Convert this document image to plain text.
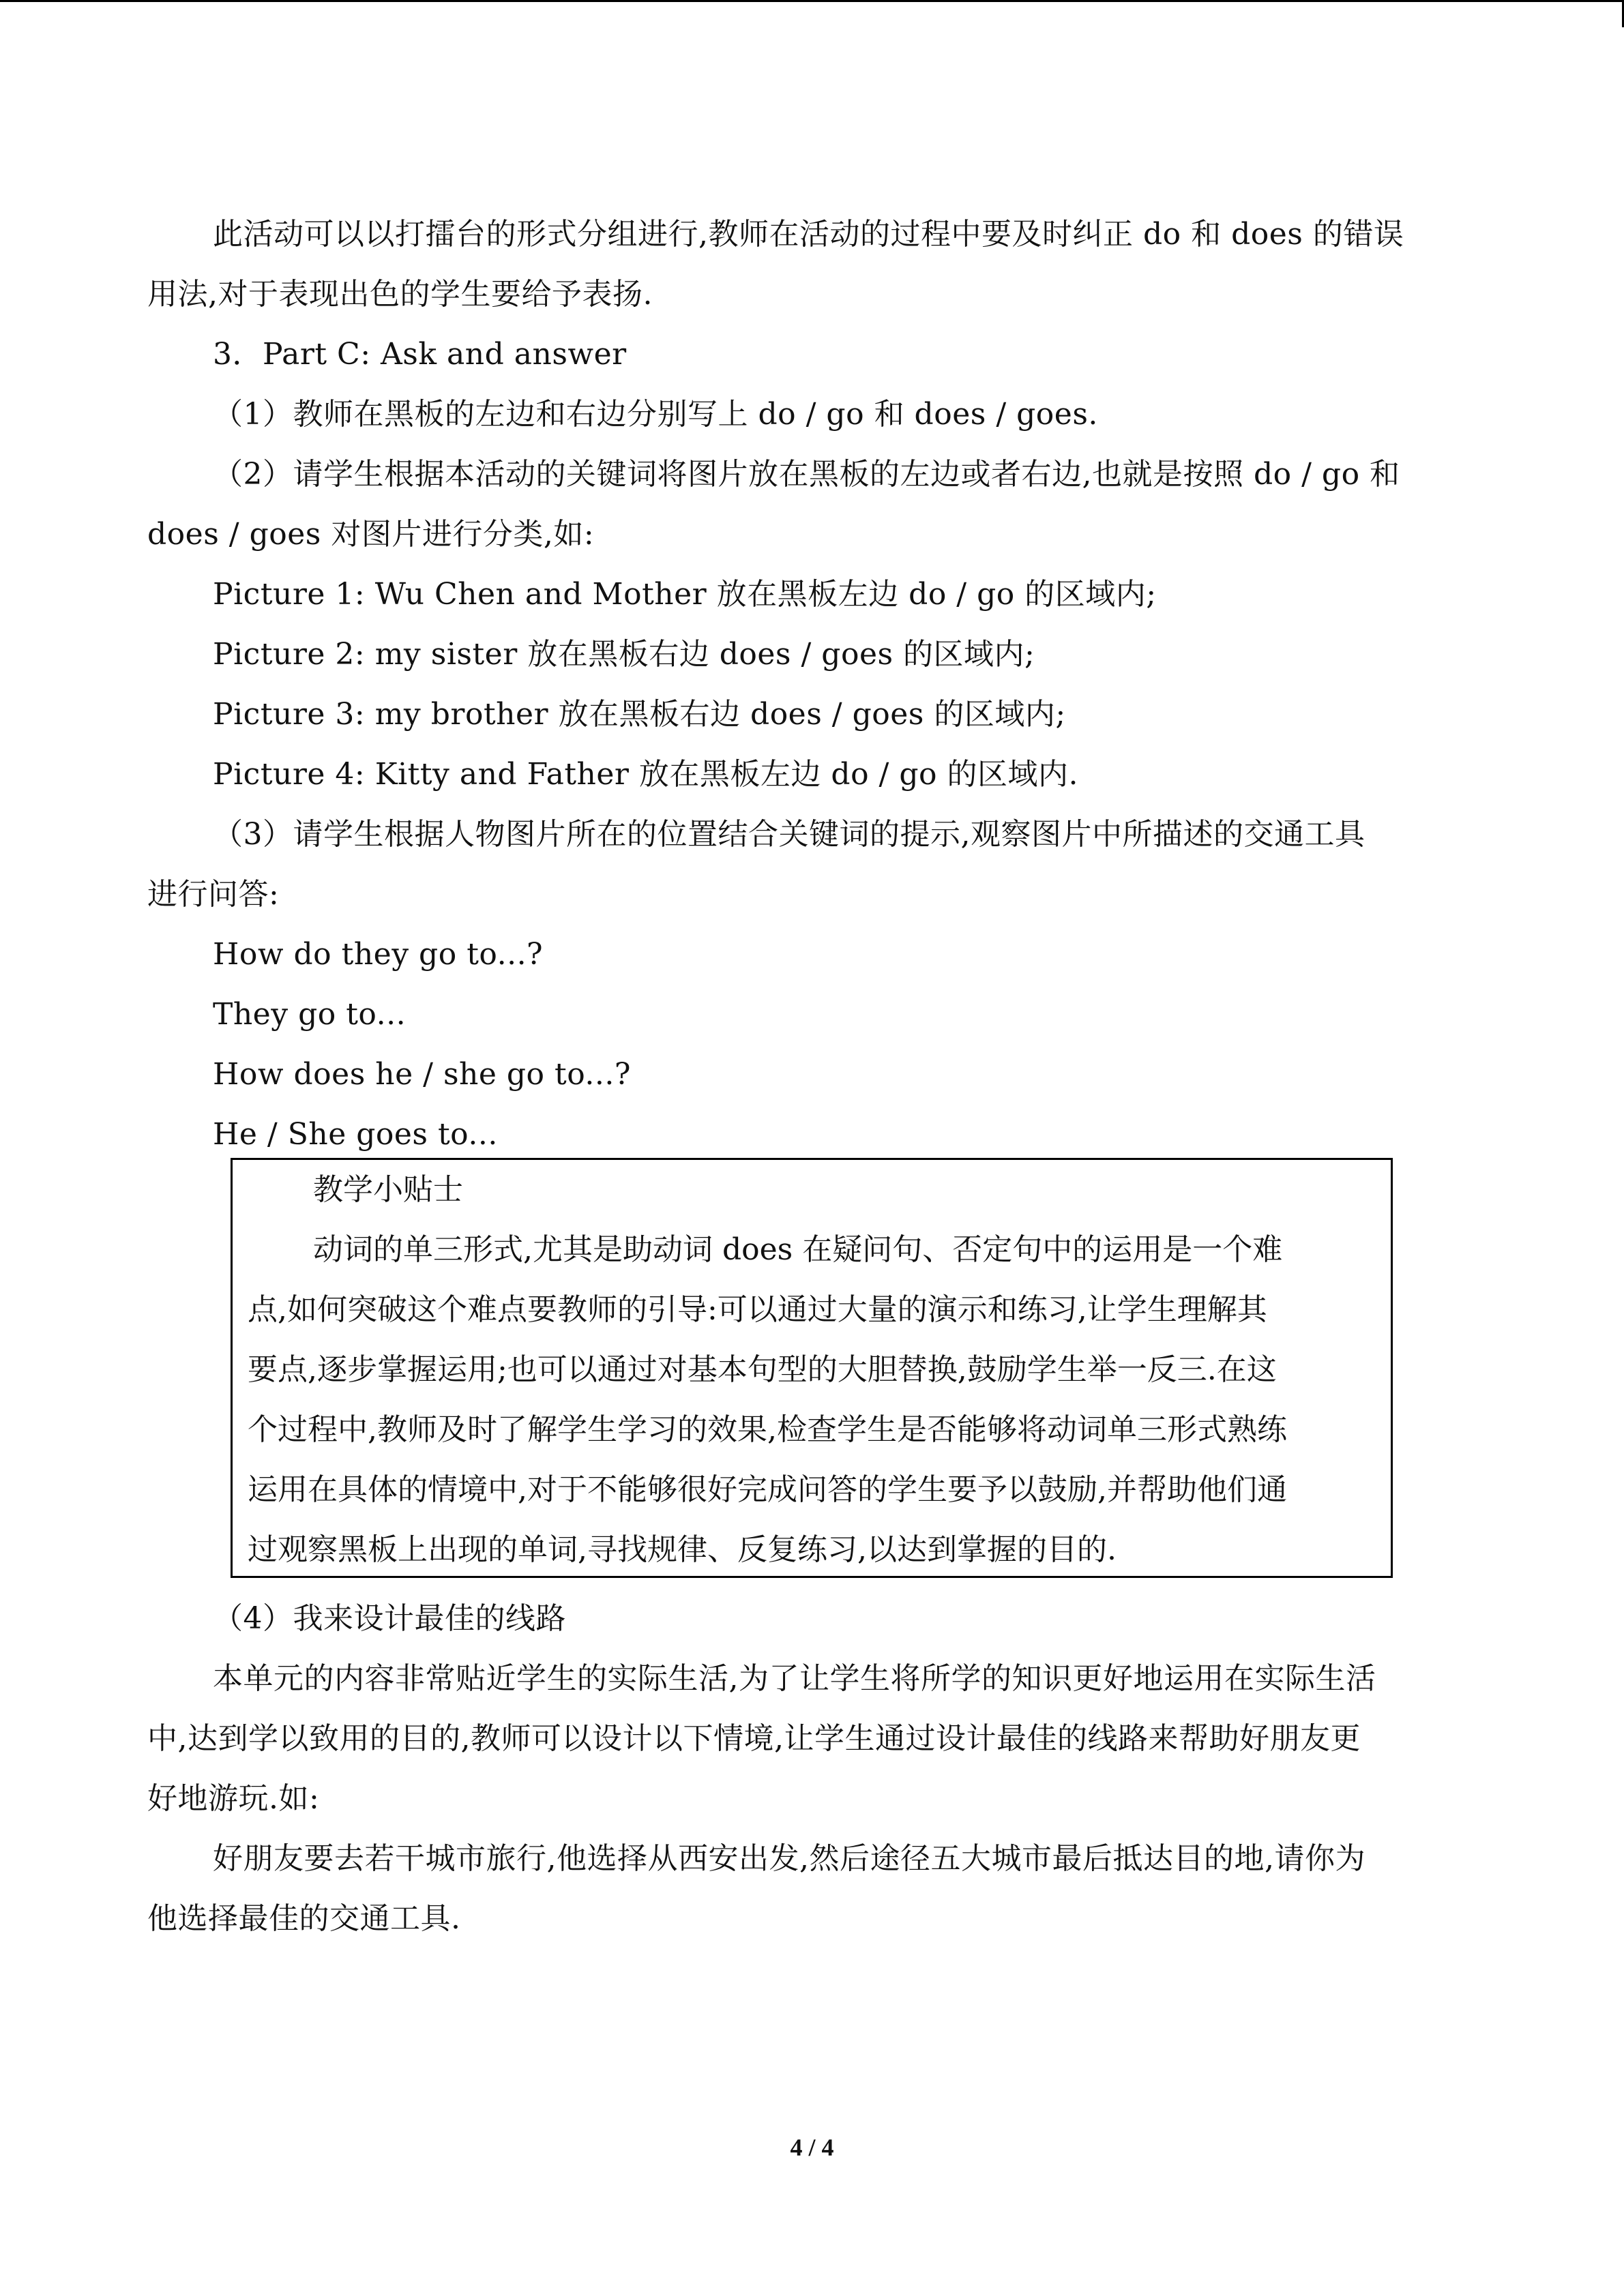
此活动可以以打擂台的形式分组进行,教师在活动的过程中要及时纠正 do 和 does 的错误
用法,对于表现出色的学生要给予表扬.
3．Part C: Ask and answer
（1）教师在黑板的左边和右边分别写上 do / go 和 does / goes.
（2）请学生根据本活动的关键词将图片放在黑板的左边或者右边,也就是按照 do / go 和
does / goes 对图片进行分类,如:
Picture 1: Wu Chen and Mother 放在黑板左边 do / go 的区域内;
Picture 2: my sister 放在黑板右边 does / goes 的区域内;
Picture 3: my brother 放在黑板右边 does / goes 的区域内;
Picture 4: Kitty and Father 放在黑板左边 do / go 的区域内.
（3）请学生根据人物图片所在的位置结合关键词的提示,观察图片中所描述的交通工具
进行问答:
How do they go to...?
They go to...
How does he / she go to...?
He / She goes to...
教学小贴士
动词的单三形式,尤其是助动词 does 在疑问句、否定句中的运用是一个难
点,如何突破这个难点要教师的引导:可以通过大量的演示和练习,让学生理解其
要点,逐步掌握运用;也可以通过对基本句型的大胆替换,鼓励学生举一反三.在这
个过程中,教师及时了解学生学习的效果,检查学生是否能够将动词单三形式熟练
运用在具体的情境中,对于不能够很好完成问答的学生要予以鼓励,并帮助他们通
过观察黑板上出现的单词,寻找规律、反复练习,以达到掌握的目的.
（4）我来设计最佳的线路
本单元的内容非常贴近学生的实际生活,为了让学生将所学的知识更好地运用在实际生活
中,达到学以致用的目的,教师可以设计以下情境,让学生通过设计最佳的线路来帮助好朋友更
好地游玩.如:
好朋友要去若干城市旅行,他选择从西安出发,然后途径五大城市最后抵达目的地,请你为
他选择最佳的交通工具.
4 / 4
